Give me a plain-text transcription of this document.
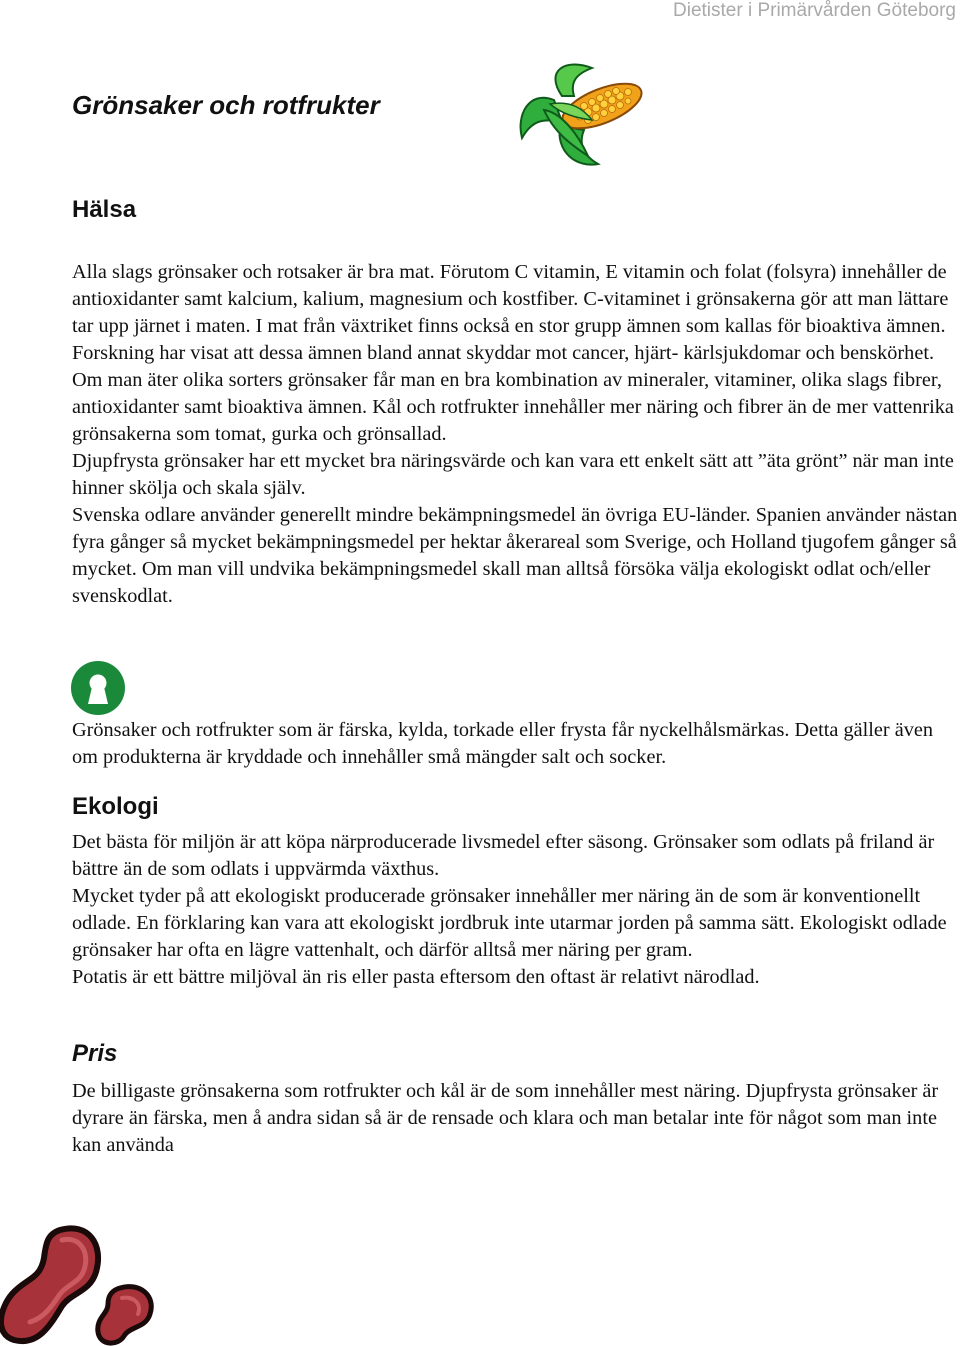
Dietister i Primärvården Göteborg
Grönsaker och rotfrukter
Hälsa

Alla slags grönsaker och rotsaker är bra mat. Förutom C vitamin, E vitamin och folat (folsyra) innehåller de antioxidanter samt kalcium, kalium, magnesium och kostfiber. C-vitaminet i grönsakerna gör att man lättare tar upp järnet i maten. I mat från växtriket finns också en stor grupp ämnen som kallas för bioaktiva ämnen. Forskning har visat att dessa ämnen bland annat skyddar mot cancer, hjärt- kärlsjukdomar och benskörhet. Om man äter olika sorters grönsaker får man en bra kombination av mineraler, vitaminer, olika slags fibrer, antioxidanter samt bioaktiva ämnen. Kål och rotfrukter innehåller mer näring och fibrer än de mer vattenrika grönsakerna som tomat, gurka och grönsallad.

Djupfrysta grönsaker har ett mycket bra näringsvärde och kan vara ett enkelt sätt att ”äta grönt” när man inte hinner skölja och skala själv.

Svenska odlare använder generellt mindre bekämpningsmedel än övriga EU-länder. Spanien använder nästan fyra gånger så mycket bekämpningsmedel per hektar åkerareal som Sverige, och Holland tjugofem gånger så mycket. Om man vill undvika bekämpningsmedel skall man alltså försöka välja ekologiskt odlat och/eller svenskodlat.

Grönsaker och rotfrukter som är färska, kylda, torkade eller frysta får nyckelhålsmärkas. Detta gäller även om produkterna är kryddade och innehåller små mängder salt och socker.

Ekologi

Det bästa för miljön är att köpa närproducerade livsmedel efter säsong. Grönsaker som odlats på friland är bättre än de som odlats i uppvärmda växthus.

Mycket tyder på att ekologiskt producerade grönsaker innehåller mer näring än de som är konventionellt odlade. En förklaring kan vara att ekologiskt jordbruk inte utarmar jorden på samma sätt. Ekologiskt odlade grönsaker har ofta en lägre vattenhalt, och därför alltså mer näring per gram.

Potatis är ett bättre miljöval än ris eller pasta eftersom den oftast är relativt närodlad.

Pris

De billigaste grönsakerna som rotfrukter och kål är de som innehåller mest näring. Djupfrysta grönsaker är dyrare än färska, men å andra sidan så är de rensade och klara och man betalar inte för något som man inte kan använda
